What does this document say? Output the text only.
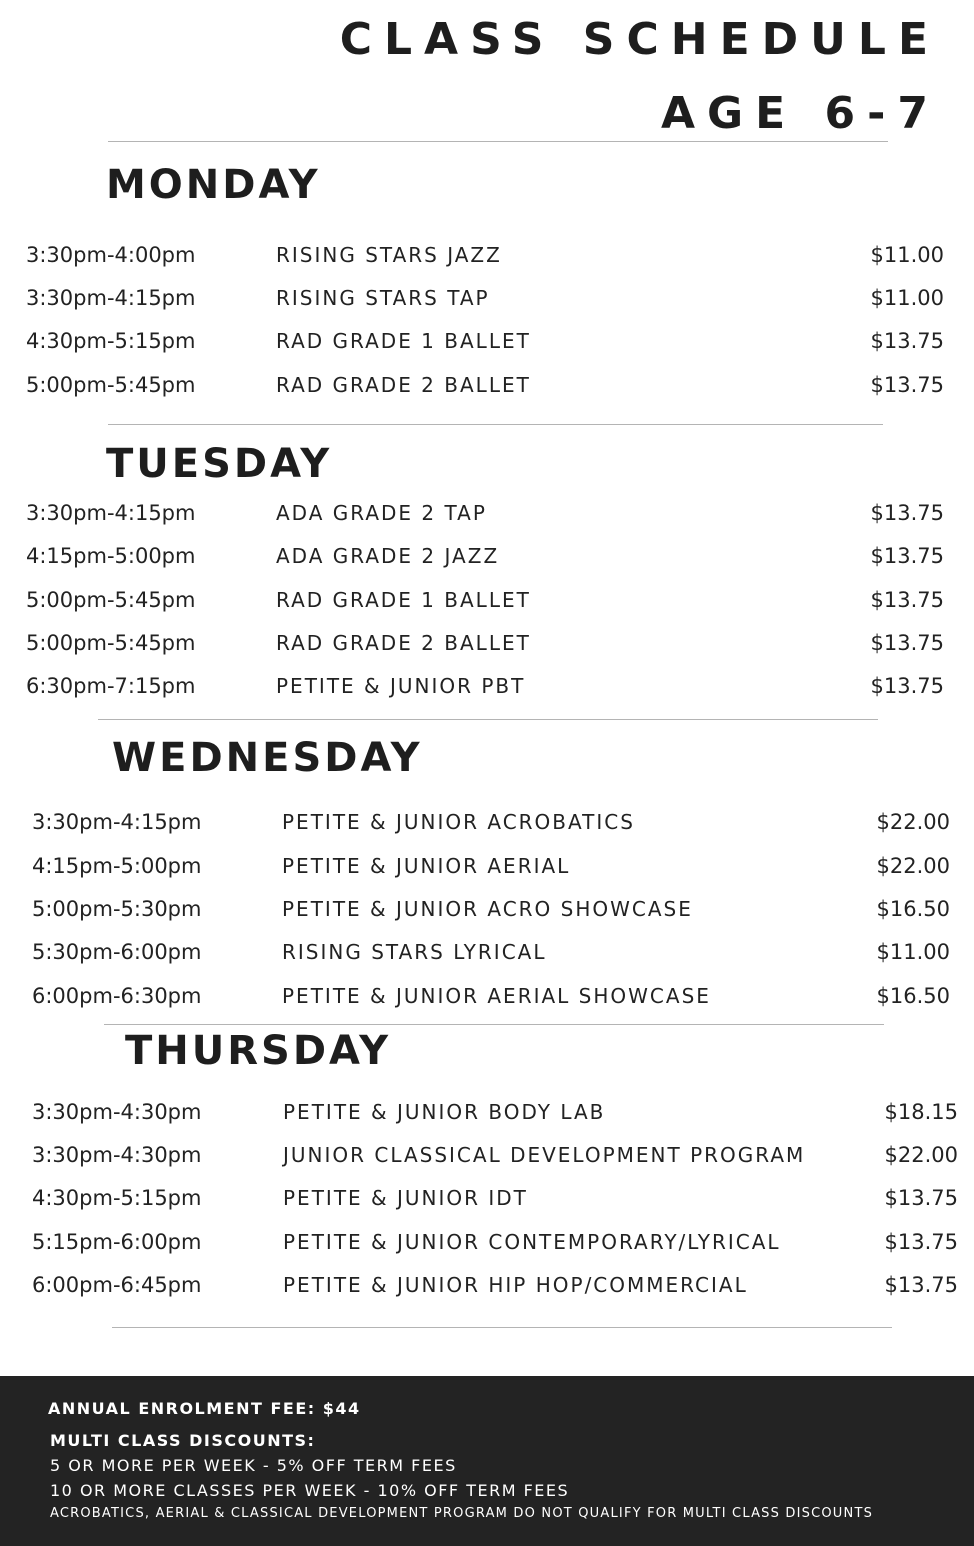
CLASS SCHEDULE
AGE 6-7
MONDAY
3:30pm-4:00pm	RISING STARS JAZZ	$11.00
3:30pm-4:15pm	RISING STARS TAP	$11.00
4:30pm-5:15pm	RAD GRADE 1 BALLET	$13.75
5:00pm-5:45pm	RAD GRADE 2 BALLET	$13.75
TUESDAY
3:30pm-4:15pm	ADA GRADE 2 TAP	$13.75
4:15pm-5:00pm	ADA GRADE 2 JAZZ	$13.75
5:00pm-5:45pm	RAD GRADE 1 BALLET	$13.75
5:00pm-5:45pm	RAD GRADE 2 BALLET	$13.75
6:30pm-7:15pm	PETITE & JUNIOR PBT	$13.75
WEDNESDAY
3:30pm-4:15pm	PETITE & JUNIOR ACROBATICS	$22.00
4:15pm-5:00pm	PETITE & JUNIOR AERIAL	$22.00
5:00pm-5:30pm	PETITE & JUNIOR ACRO SHOWCASE	$16.50
5:30pm-6:00pm	RISING STARS LYRICAL	$11.00
6:00pm-6:30pm	PETITE & JUNIOR AERIAL SHOWCASE	$16.50
THURSDAY
3:30pm-4:30pm	PETITE & JUNIOR BODY LAB	$18.15
3:30pm-4:30pm	JUNIOR CLASSICAL DEVELOPMENT PROGRAM	$22.00
4:30pm-5:15pm	PETITE & JUNIOR IDT	$13.75
5:15pm-6:00pm	PETITE & JUNIOR CONTEMPORARY/LYRICAL	$13.75
6:00pm-6:45pm	PETITE & JUNIOR HIP HOP/COMMERCIAL	$13.75
ANNUAL ENROLMENT FEE: $44
MULTI CLASS DISCOUNTS:
5 OR MORE PER WEEK - 5% OFF TERM FEES
10 OR MORE CLASSES PER WEEK - 10% OFF TERM FEES
ACROBATICS, AERIAL & CLASSICAL DEVELOPMENT PROGRAM DO NOT QUALIFY FOR MULTI CLASS DISCOUNTS
